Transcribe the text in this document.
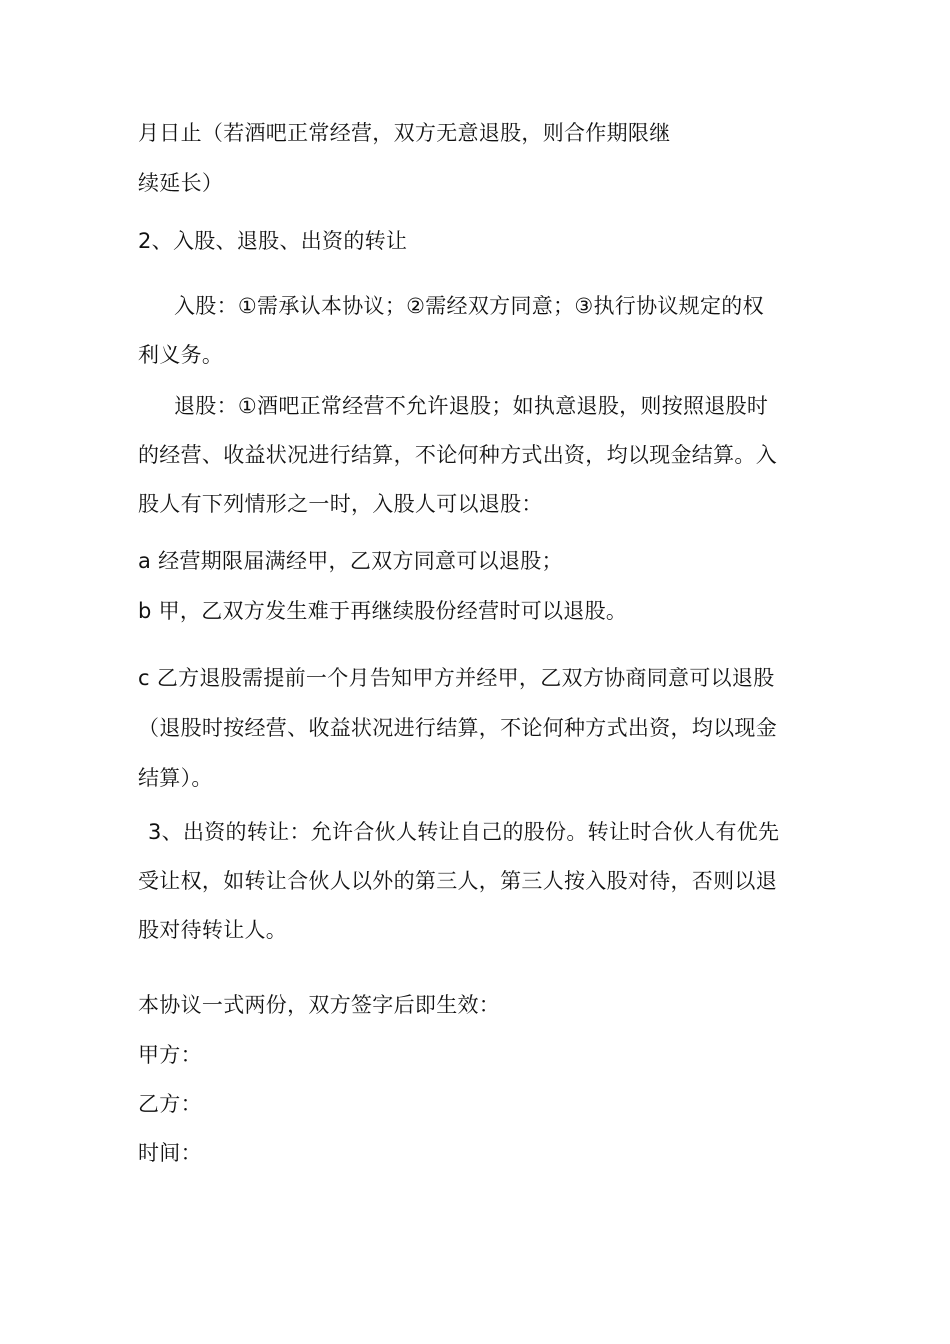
月日止（若酒吧正常经营，双方无意退股，则合作期限继
续延长）
2、入股、退股、出资的转让
入股：①需承认本协议；②需经双方同意；③执行协议规定的权
利义务。
退股：①酒吧正常经营不允许退股；如执意退股，则按照退股时
的经营、收益状况进行结算，不论何种方式出资，均以现金结算。入
股人有下列情形之一时，入股人可以退股：
a 经营期限届满经甲，乙双方同意可以退股；
b 甲，乙双方发生难于再继续股份经营时可以退股。
c 乙方退股需提前一个月告知甲方并经甲，乙双方协商同意可以退股
（退股时按经营、收益状况进行结算，不论何种方式出资，均以现金
结算）。
3、出资的转让：允许合伙人转让自己的股份。转让时合伙人有优先
受让权，如转让合伙人以外的第三人，第三人按入股对待，否则以退
股对待转让人。
本协议一式两份，双方签字后即生效：
甲方：
乙方：
时间：
